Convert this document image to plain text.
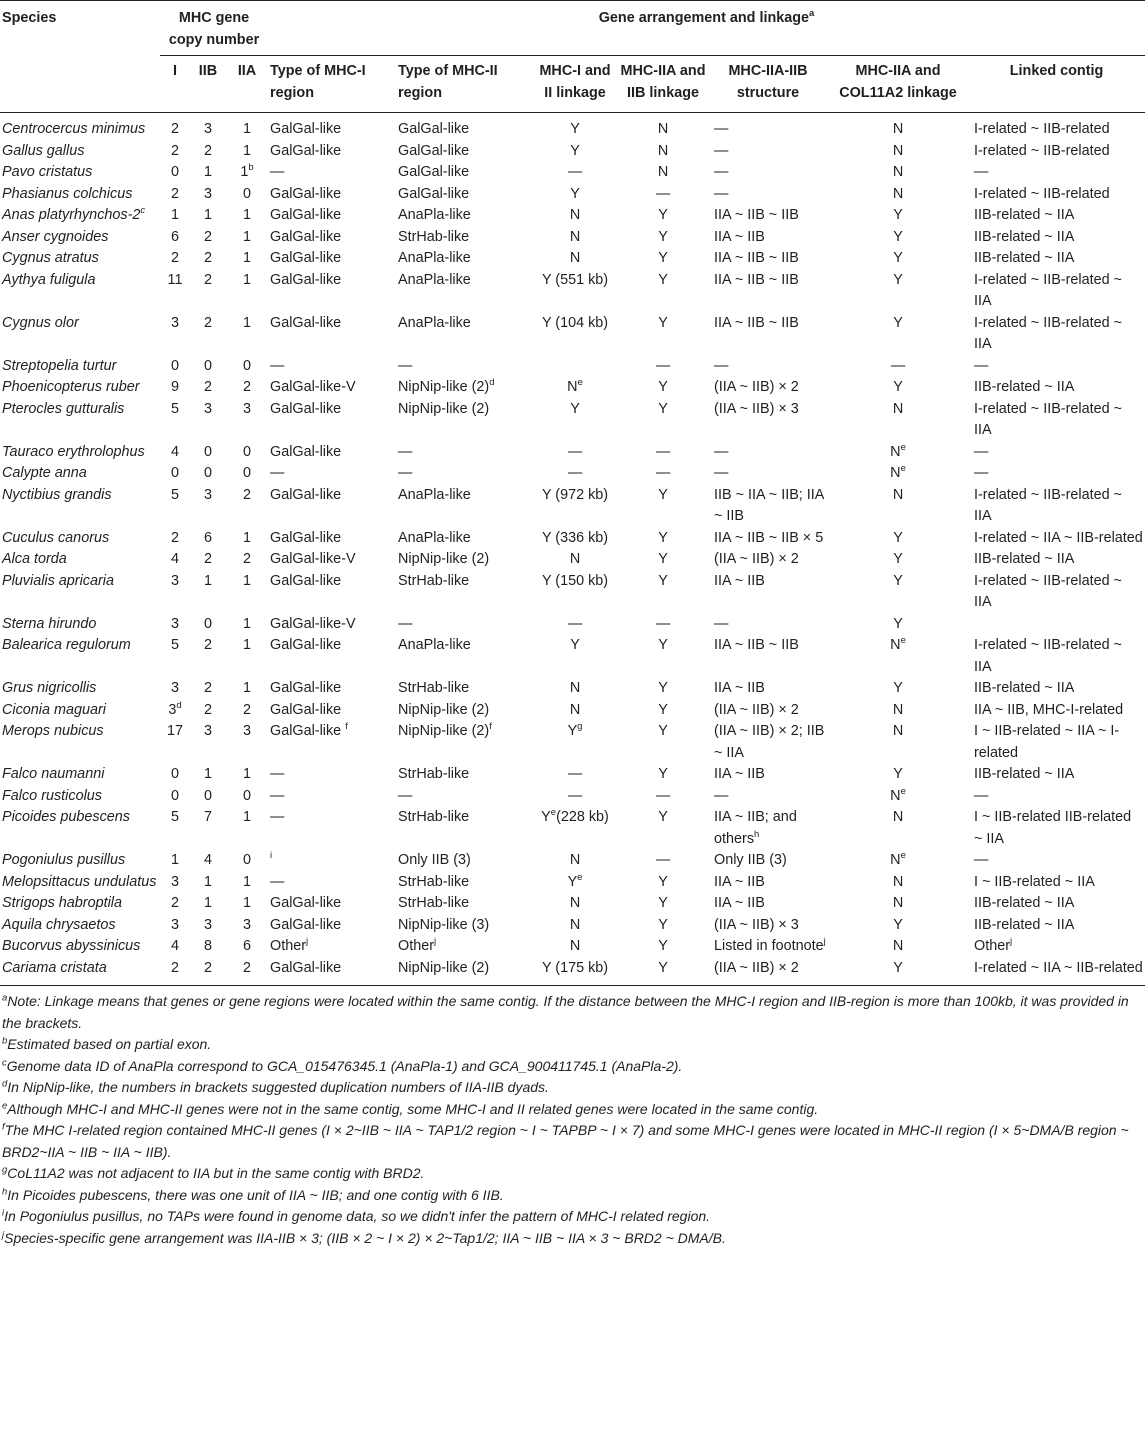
Species	MHC gene copy number			Gene arrangement and linkage$^a$
	I	IIB	IIA	Type of MHC-I region	Type of MHC-II region	MHC-I and II linkage	MHC-IIA and IIB linkage	MHC-IIA-IIB structure	MHC-IIA and COL11A2 linkage	Linked contig
Centrocercus minimus	2	3	1	GalGal-like	GalGal-like	Y	N	—	N	I-related ~ IIB-related
Gallus gallus	2	2	1	GalGal-like	GalGal-like	Y	N	—	N	I-related ~ IIB-related
Pavo cristatus	0	1	1$^b$	—	GalGal-like	—	N	—	N	—
Phasianus colchicus	2	3	0	GalGal-like	GalGal-like	Y	—	—	N	I-related ~ IIB-related
Anas platyrhynchos-2$^c$	1	1	1	GalGal-like	AnaPla-like	N	Y	IIA ~ IIB ~ IIB	Y	IIB-related ~ IIA
Anser cygnoides	6	2	1	GalGal-like	StrHab-like	N	Y	IIA ~ IIB	Y	IIB-related ~ IIA
Cygnus atratus	2	2	1	GalGal-like	AnaPla-like	N	Y	IIA ~ IIB ~ IIB	Y	IIB-related ~ IIA
Aythya fuligula	11	2	1	GalGal-like	AnaPla-like	Y (551 kb)	Y	IIA ~ IIB ~ IIB	Y	I-related ~ IIB-related ~ IIA
Cygnus olor	3	2	1	GalGal-like	AnaPla-like	Y (104 kb)	Y	IIA ~ IIB ~ IIB	Y	I-related ~ IIB-related ~ IIA
Streptopelia turtur	0	0	0	—	—		—	—	—	—
Phoenicopterus ruber	9	2	2	GalGal-like-V	NipNip-like $(2)^d$	$N^e$	Y	(IIA ~ IIB) × 2	Y	IIB-related ~ IIA
Pterocles gutturalis	5	3	3	GalGal-like	NipNip-like (2)	Y	Y	(IIA ~ IIB) × 3	N	I-related ~ IIB-related ~ IIA
Tauraco erythrolophus	4	0	0	GalGal-like	—	—	—	—	$N^e$	—
Calypte anna	0	0	0	—	—	—	—	—	$N^e$	—
Nyctibius grandis	5	3	2	GalGal-like	AnaPla-like	Y (972 kb)	Y	IIB ~ IIA ~ IIB; IIA ~ IIB	N	I-related ~ IIB-related ~ IIA
Cuculus canorus	2	6	1	GalGal-like	AnaPla-like	Y (336 kb)	Y	IIA ~ IIB ~ IIB × 5	Y	I-related ~ IIA ~ IIB-related
Alca torda	4	2	2	GalGal-like-V	NipNip-like (2)	N	Y	(IIA ~ IIB) × 2	Y	IIB-related ~ IIA
Pluvialis apricaria	3	1	1	GalGal-like	StrHab-like	Y (150 kb)	Y	IIA ~ IIB	Y	I-related ~ IIB-related ~ IIA
Sterna hirundo	3	0	1	GalGal-like-V	—	—	—	—	Y	
Balearica regulorum	5	2	1	GalGal-like	AnaPla-like	Y	Y	IIA ~ IIB ~ IIB	$N^e$	I-related ~ IIB-related ~ IIA
Grus nigricollis	3	2	1	GalGal-like	StrHab-like	N	Y	IIA ~ IIB	Y	IIB-related ~ IIA
Ciconia maguari	3$^d$	2	2	GalGal-like	NipNip-like (2)	N	Y	(IIA ~ IIB) × 2	N	IIA ~ IIB, MHC-I-related
Merops nubicus	17	3	3	GalGal-like $^f$	NipNip-like $(2)^f$	$Y^g$	Y	(IIA ~ IIB) × 2; IIB ~ IIA	N	I ~ IIB-related ~ IIA ~ I-related
Falco naumanni	0	1	1	—	StrHab-like	—	Y	IIA ~ IIB	Y	IIB-related ~ IIA
Falco rusticolus	0	0	0	—	—	—	—	—	$N^e$	—
Picoides pubescens	5	7	1	—	StrHab-like	$Y^e(228$ kb)	Y	IIA ~ IIB; and others$^h$	N	I ~ IIB-related IIB-related ~ IIA
Pogoniulus pusillus	1	4	0	$^i$	Only IIB (3)	N	—	Only IIB (3)	$N^e$	—
Melopsittacus undulatus	3	1	1	—	StrHab-like	$Y^e$	Y	IIA ~ IIB	N	I ~ IIB-related ~ IIA
Strigops habroptila	2	1	1	GalGal-like	StrHab-like	N	Y	IIA ~ IIB	N	IIB-related ~ IIA
Aquila chrysaetos	3	3	3	GalGal-like	NipNip-like (3)	N	Y	(IIA ~ IIB) × 3	Y	IIB-related ~ IIA
Bucorvus abyssinicus	4	8	6	Other$^j$	Other$^j$	N	Y	Listed in footnote$^j$	N	Other$^j$
Cariama cristata	2	2	2	GalGal-like	NipNip-like (2)	Y (175 kb)	Y	(IIA ~ IIB) × 2	Y	I-related ~ IIA ~ IIB-related
$^a$Note: Linkage means that genes or gene regions were located within the same contig. If the distance between the MHC-I region and IIB-region is more than 100kb, it was provided in the brackets.
$^b$Estimated based on partial exon.
$^c$Genome data ID of AnaPla correspond to GCA_015476345.1 (AnaPla-1) and GCA_900411745.1 (AnaPla-2).
$^d$In NipNip-like, the numbers in brackets suggested duplication numbers of IIA-IIB dyads.
$^e$Although MHC-I and MHC-II genes were not in the same contig, some MHC-I and II related genes were located in the same contig.
$^f$The MHC I-related region contained MHC-II genes (I × 2~IIB ~ IIA ~ TAP1/2 region ~ I ~ TAPBP ~ I × 7) and some MHC-I genes were located in MHC-II region (I × 5~DMA/B region ~ BRD2~IIA ~ IIB ~ IIA ~ IIB).
$^g$CoL11A2 was not adjacent to IIA but in the same contig with BRD2.
$^h$In Picoides pubescens, there was one unit of IIA ~ IIB; and one contig with 6 IIB.
$^i$In Pogoniulus pusillus, no TAPs were found in genome data, so we didn't infer the pattern of MHC-I related region.
$^j$Species-specific gene arrangement was IIA-IIB × 3; (IIB × 2 ~ I × 2) × 2~Tap1/2; IIA ~ IIB ~ IIA × 3 ~ BRD2 ~ DMA/B.
